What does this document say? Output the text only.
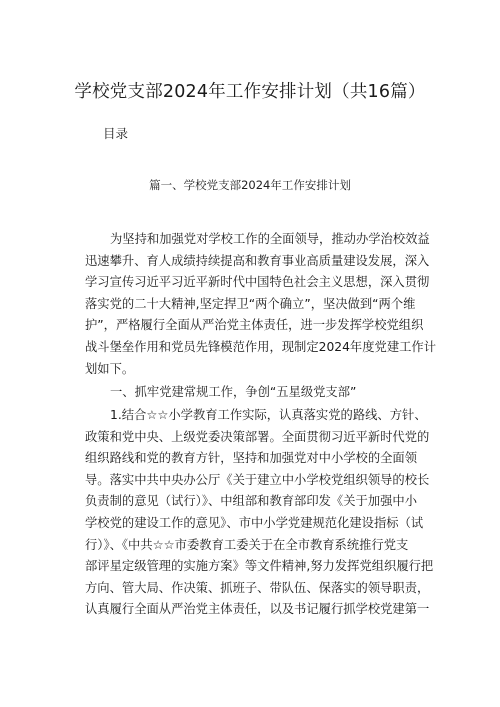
学校党支部2024年工作安排计划（共16篇）
目录
篇一、学校党支部2024年工作安排计划
为坚持和加强党对学校工作的全面领导，推动办学治校效益
迅速攀升、育人成绩持续提高和教育事业高质量建设发展，深入
学习宣传习近平习近平新时代中国特色社会主义思想，深入贯彻
落实党的二十大精神,坚定捍卫“两个确立”，坚决做到“两个维
护”，严格履行全面从严治党主体责任，进一步发挥学校党组织
战斗堡垒作用和党员先锋模范作用，现制定2024年度党建工作计
划如下。
一、抓牢党建常规工作，争创“五星级党支部”
1.结合☆☆小学教育工作实际，认真落实党的路线、方针、
政策和党中央、上级党委决策部署。全面贯彻习近平新时代党的
组织路线和党的教育方针，坚持和加强党对中小学校的全面领
导。落实中共中央办公厅《关于建立中小学校党组织领导的校长
负责制的意见（试行）》、中组部和教育部印发《关于加强中小
学校党的建设工作的意见》、市中小学党建规范化建设指标（试
行）》、《中共☆☆市委教育工委关于在全市教育系统推行党支
部评星定级管理的实施方案》等文件精神,努力发挥党组织履行把
方向、管大局、作决策、抓班子、带队伍、保落实的领导职责，
认真履行全面从严治党主体责任，以及书记履行抓学校党建第一
